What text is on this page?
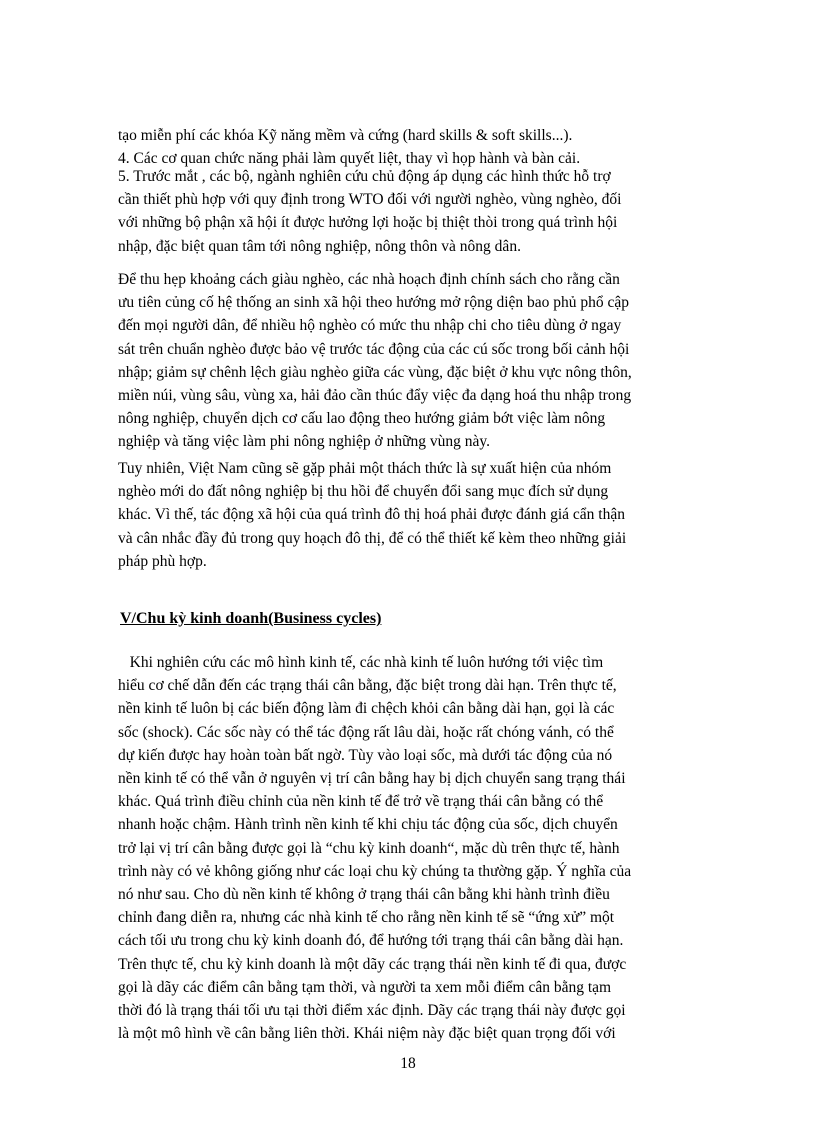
tạo miễn phí các khóa Kỹ năng mềm và cứng (hard skills & soft skills...).
4. Các cơ quan chức năng phải làm quyết liệt, thay vì họp hành và bàn cải.
5. Trước mắt , các bộ, ngành nghiên cứu chủ động áp dụng các hình thức hỗ trợ
cần thiết phù hợp với quy định trong WTO đối với người nghèo, vùng nghèo, đối
với những bộ phận xã hội ít được hưởng lợi hoặc bị thiệt thòi trong quá trình hội
nhập, đặc biệt quan tâm tới nông nghiệp, nông thôn và nông dân.
Để thu hẹp khoảng cách giàu nghèo, các nhà hoạch định chính sách cho rằng cần
ưu tiên củng cố hệ thống an sinh xã hội theo hướng mở rộng diện bao phủ phổ cập
đến mọi người dân, để nhiều hộ nghèo có mức thu nhập chi cho tiêu dùng ở ngay
sát trên chuẩn nghèo được bảo vệ trước tác động của các cú sốc trong bối cảnh hội
nhập; giảm sự chênh lệch giàu nghèo giữa các vùng, đặc biệt ở khu vực nông thôn,
miền núi, vùng sâu, vùng xa, hải đảo cần thúc đẩy việc đa dạng hoá thu nhập trong
nông nghiệp, chuyển dịch cơ cấu lao động theo hướng giảm bớt việc làm nông
nghiệp và tăng việc làm phi nông nghiệp ở những vùng này.
Tuy nhiên, Việt Nam cũng sẽ gặp phải một thách thức là sự xuất hiện của nhóm
nghèo mới do đất nông nghiệp bị thu hồi để chuyển đổi sang mục đích sử dụng
khác. Vì thế, tác động xã hội của quá trình đô thị hoá phải được đánh giá cẩn thận
và cân nhắc đầy đủ trong quy hoạch đô thị, để có thể thiết kế kèm theo những giải
pháp phù hợp.
V/Chu kỳ kinh doanh(Business cycles)
Khi nghiên cứu các mô hình kinh tế, các nhà kinh tế luôn hướng tới việc tìm
hiểu cơ chế dẫn đến các trạng thái cân bằng, đặc biệt trong dài hạn. Trên thực tế,
nền kinh tế luôn bị các biến động làm đi chệch khỏi cân bằng dài hạn, gọi là các
sốc (shock). Các sốc này có thể tác động rất lâu dài, hoặc rất chóng vánh, có thể
dự kiến được hay hoàn toàn bất ngờ. Tùy vào loại sốc, mà dưới tác động của nó
nền kinh tế có thể vẫn ở nguyên vị trí cân bằng hay bị dịch chuyển sang trạng thái
khác. Quá trình điều chỉnh của nền kinh tế để trở về trạng thái cân bằng có thể
nhanh hoặc chậm. Hành trình nền kinh tế khi chịu tác động của sốc, dịch chuyển
trở lại vị trí cân bằng được gọi là “chu kỳ kinh doanh“, mặc dù trên thực tế, hành
trình này có vẻ không giống như các loại chu kỳ chúng ta thường gặp. Ý nghĩa của
nó như sau. Cho dù nền kinh tế không ở trạng thái cân bằng khi hành trình điều
chỉnh đang diễn ra, nhưng các nhà kinh tế cho rằng nền kinh tế sẽ “ứng xử” một
cách tối ưu trong chu kỳ kinh doanh đó, để hướng tới trạng thái cân bằng dài hạn.
Trên thực tế, chu kỳ kinh doanh là một dãy các trạng thái nền kinh tế đi qua, được
gọi là dãy các điểm cân bằng tạm thời, và người ta xem mỗi điểm cân bằng tạm
thời đó là trạng thái tối ưu tại thời điểm xác định. Dãy các trạng thái này được gọi
là một mô hình về cân bằng liên thời. Khái niệm này đặc biệt quan trọng đối với
18
